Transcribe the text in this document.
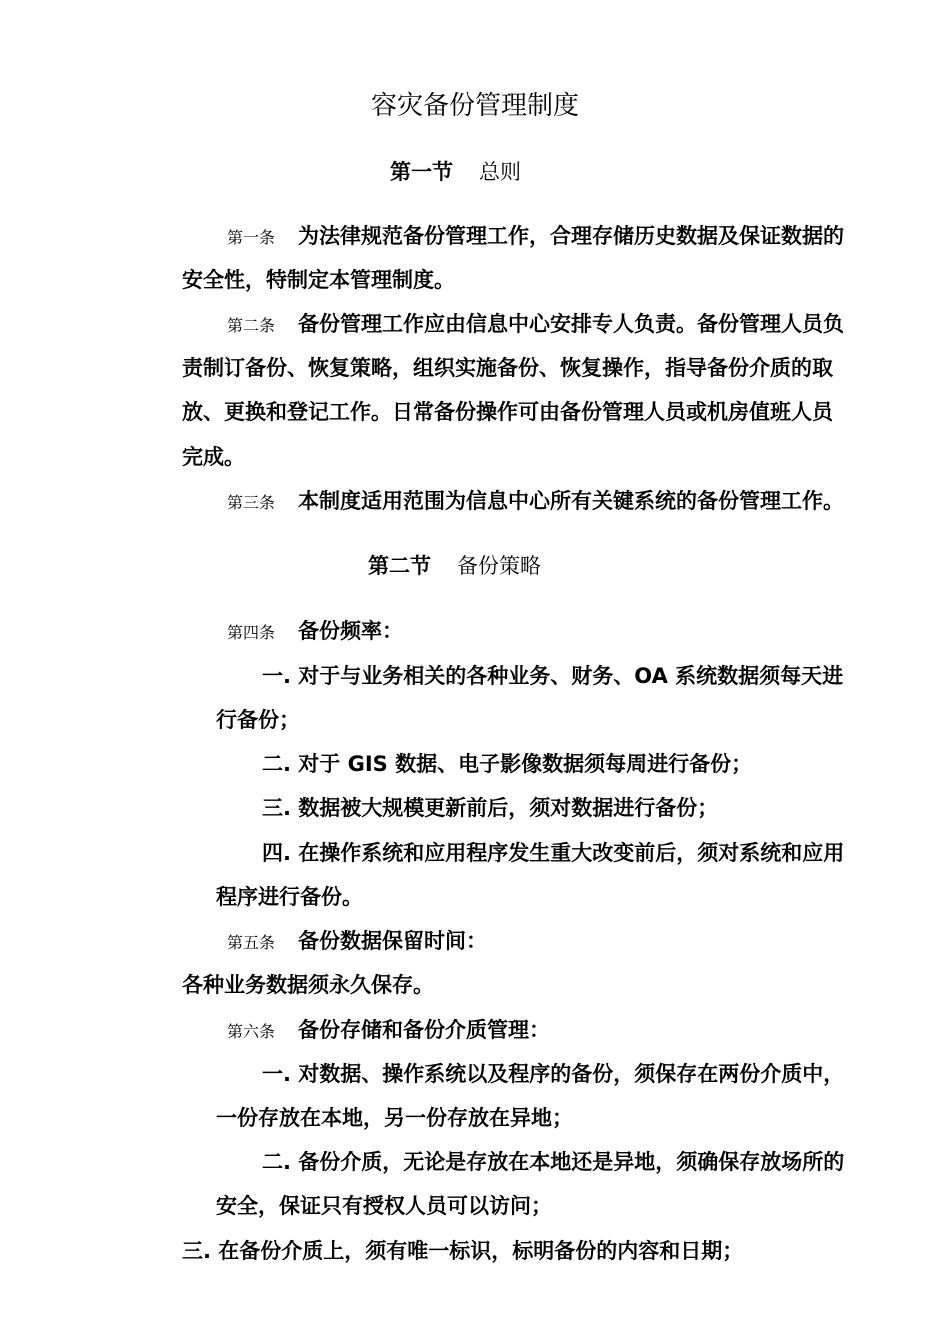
容灾备份管理制度
第一节 总则
第一条 为法律规范备份管理工作，合理存储历史数据及保证数据的
安全性，特制定本管理制度。
第二条 备份管理工作应由信息中心安排专人负责。备份管理人员负
责制订备份、恢复策略，组织实施备份、恢复操作，指导备份介质的取
放、更换和登记工作。日常备份操作可由备份管理人员或机房值班人员
完成。
第三条 本制度适用范围为信息中心所有关键系统的备份管理工作。
第二节 备份策略
第四条 备份频率：
一. 对于与业务相关的各种业务、财务、OA 系统数据须每天进
行备份；
二. 对于 GIS 数据、电子影像数据须每周进行备份；
三. 数据被大规模更新前后，须对数据进行备份；
四. 在操作系统和应用程序发生重大改变前后，须对系统和应用
程序进行备份。
第五条 备份数据保留时间：
各种业务数据须永久保存。
第六条 备份存储和备份介质管理：
一. 对数据、操作系统以及程序的备份，须保存在两份介质中，
一份存放在本地，另一份存放在异地；
二. 备份介质，无论是存放在本地还是异地，须确保存放场所的
安全，保证只有授权人员可以访问；
三. 在备份介质上，须有唯一标识，标明备份的内容和日期；
